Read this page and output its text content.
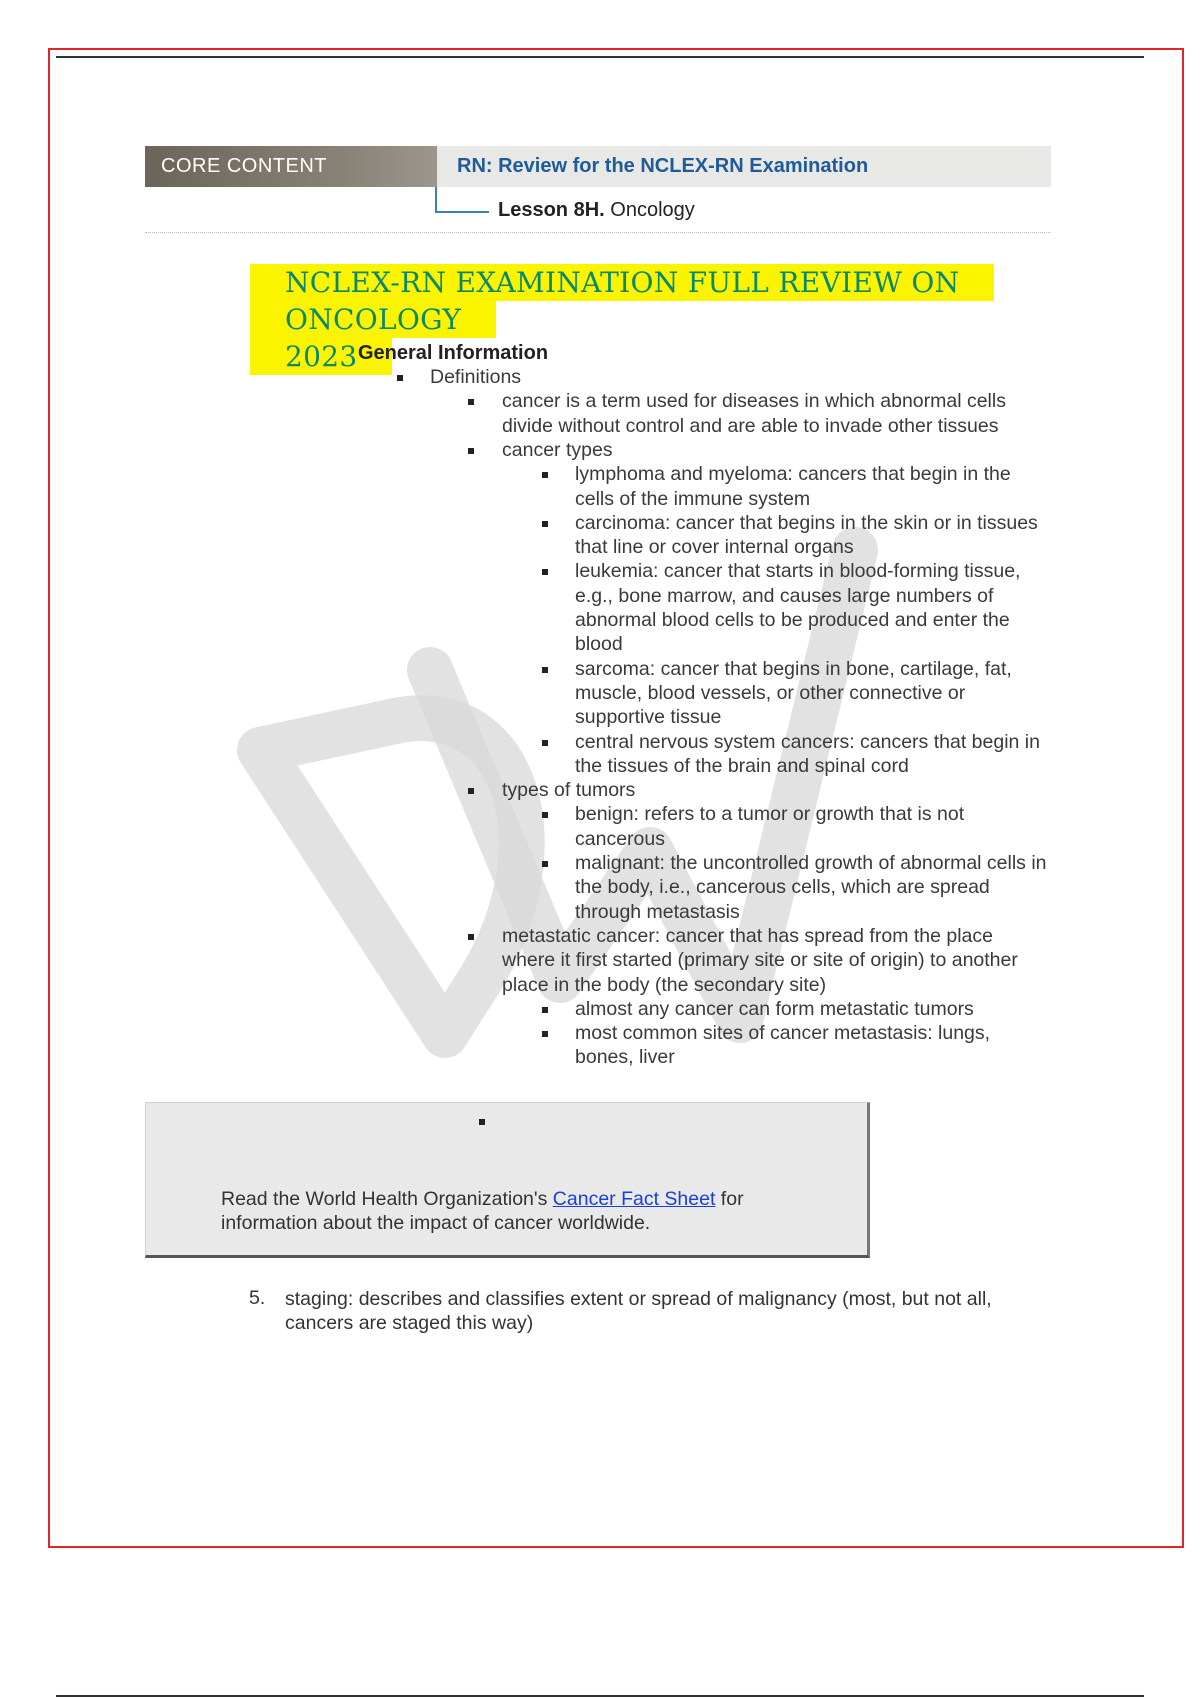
CORE CONTENT	RN: Review for the NCLEX-RN Examination
Lesson 8H. Oncology
NCLEX-RN EXAMINATION FULL REVIEW ON ONCOLOGY
2023 General Information
Definitions
cancer is a term used for diseases in which abnormal cells
divide without control and are able to invade other tissues
cancer types
lymphoma and myeloma: cancers that begin in the
cells of the immune system
carcinoma: cancer that begins in the skin or in tissues
that line or cover internal organs
leukemia: cancer that starts in blood-forming tissue,
e.g., bone marrow, and causes large numbers of
abnormal blood cells to be produced and enter the
blood
sarcoma: cancer that begins in bone, cartilage, fat,
muscle, blood vessels, or other connective or
supportive tissue
central nervous system cancers: cancers that begin in
the tissues of the brain and spinal cord
types of tumors
benign: refers to a tumor or growth that is not
cancerous
malignant: the uncontrolled growth of abnormal cells in
the body, i.e., cancerous cells, which are spread
through metastasis
metastatic cancer: cancer that has spread from the place
where it first started (primary site or site of origin) to another
place in the body (the secondary site)
almost any cancer can form metastatic tumors
most common sites of cancer metastasis: lungs,
bones, liver
Read the World Health Organization's Cancer Fact Sheet for
information about the impact of cancer worldwide.
5. staging: describes and classifies extent or spread of malignancy (most, but not all,
cancers are staged this way)
